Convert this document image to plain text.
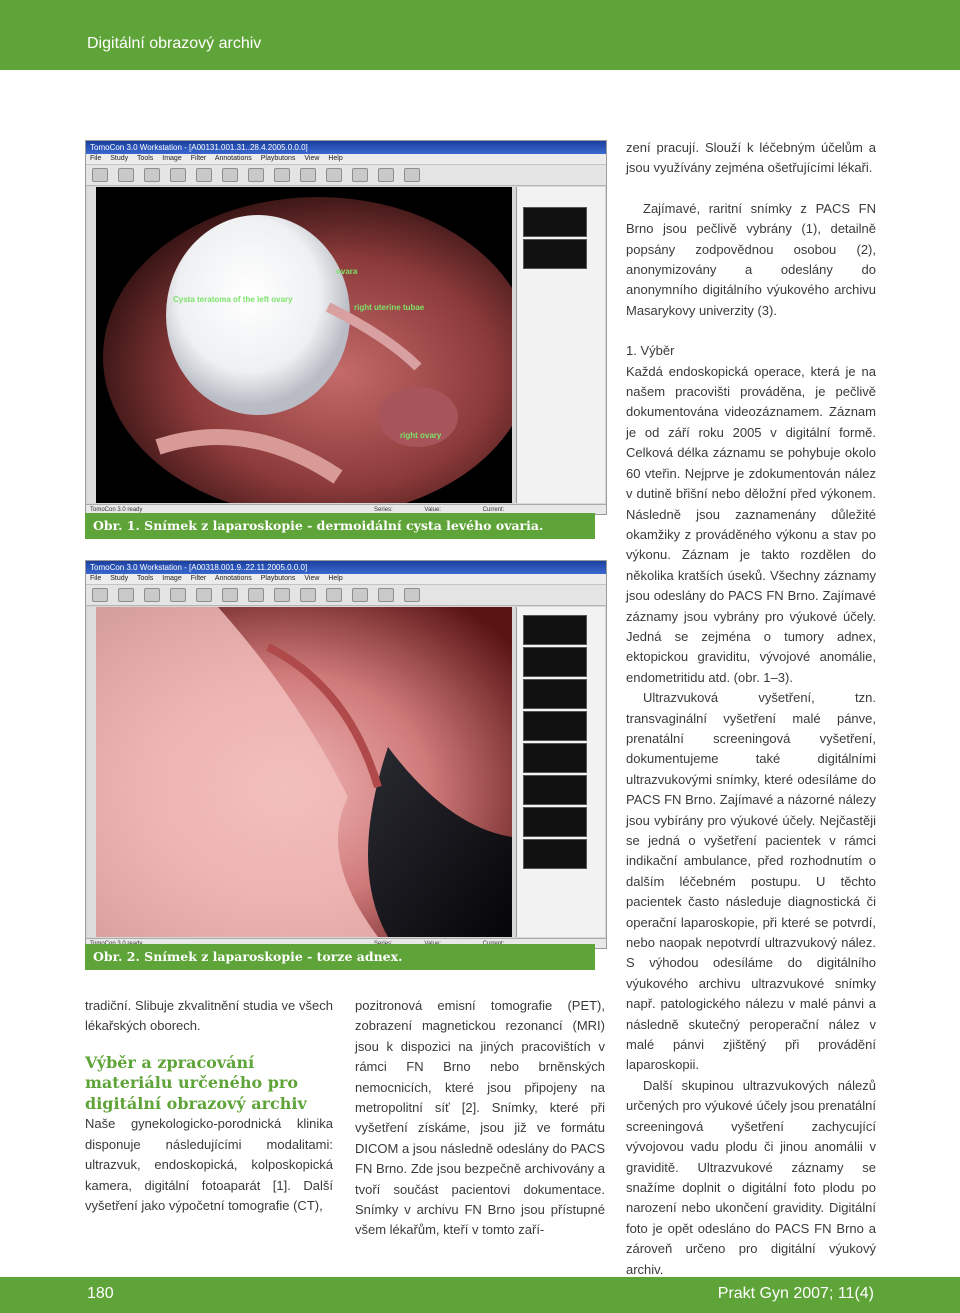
Digitální obrazový archiv
TomoCon 3.0 Workstation - [A00131.001.31..28.4.2005.0.0.0]
File Study Tools Image Filter Annotations Playbutons View Help
Cysta teratoma of the left ovary
ovara
right uterine tubae
right ovary
TomoCon 3.0 ready	Series:	Value:	Current:
Obr. 1. Snímek z laparoskopie - dermoidální cysta levého ovaria.
TomoCon 3.0 Workstation - [A00318.001.9..22.11.2005.0.0.0]
File Study Tools Image Filter Annotations Playbutons View Help
Obr. 2. Snímek z laparoskopie - torze adnex.

tradiční. Slibuje zkvalitnění studia ve všech lékařských oborech.

Výběr a zpracování materiálu určeného pro digitální obrazový archiv

Naše gynekologicko-porodnická klinika disponuje následujícími modalitami: ultrazvuk, endoskopická, kolposkopická kamera, digitální fotoaparát [1]. Další vyšetření jako výpočetní tomografie (CT),

pozitronová emisní tomografie (PET), zobrazení magnetickou rezonancí (MRI) jsou k dispozici na jiných pracovištích v rámci FN Brno nebo brněnských nemocnicích, které jsou připojeny na metropolitní síť [2]. Snímky, které při vyšetření získáme, jsou již ve formátu DICOM a jsou následně odeslány do PACS FN Brno. Zde jsou bezpečně archivovány a tvoří součást pacientovi dokumentace. Snímky v archivu FN Brno jsou přístupné všem lékařům, kteří v tomto zaří-

zení pracují. Slouží k léčebným účelům a jsou využívány zejména ošetřujícími lékaři.

Zajímavé, raritní snímky z PACS FN Brno jsou pečlivě vybrány (1), detailně popsány zodpovědnou osobou (2), anonymizovány a odeslány do anonymního digitálního výukového archivu Masarykovy univerzity (3).

1. Výběr

Každá endoskopická operace, která je na našem pracovišti prováděna, je pečlivě dokumentována videozáznamem. Záznam je od září roku 2005 v digitální formě. Celková délka záznamu se pohybuje okolo 60 vteřin. Nejprve je zdokumentován nález v dutině břišní nebo děložní před výkonem. Následně jsou zaznamenány důležité okamžiky z prováděného výkonu a stav po výkonu. Záznam je takto rozdělen do několika kratších úseků. Všechny záznamy jsou odeslány do PACS FN Brno. Zajímavé záznamy jsou vybrány pro výukové účely. Jedná se zejména o tumory adnex, ektopickou graviditu, vývojové anomálie, endometritidu atd. (obr. 1–3).

Ultrazvuková vyšetření, tzn. transvaginální vyšetření malé pánve, prenatální screeningová vyšetření, dokumentujeme také digitálními ultrazvukovými snímky, které odesíláme do PACS FN Brno. Zajímavé a názorné nálezy jsou vybírány pro výukové účely. Nejčastěji se jedná o vyšetření pacientek v rámci indikační ambulance, před rozhodnutím o dalším léčebném postupu. U těchto pacientek často následuje diagnostická či operační laparoskopie, při které se potvrdí, nebo naopak nepotvrdí ultrazvukový nález. S výhodou odesíláme do digitálního výukového archivu ultrazvukové snímky např. patologického nálezu v malé pánvi a následně skutečný peroperační nález v malé pánvi zjištěný při provádění laparoskopii.

Další skupinou ultrazvukových nálezů určených pro výukové účely jsou prenatální screeningová vyšetření zachycující vývojovou vadu plodu či jinou anomálii v graviditě. Ultrazvukové záznamy se snažíme doplnit o digitální foto plodu po narození nebo ukončení gravidity. Digitální foto je opět odesláno do PACS FN Brno a zároveň určeno pro digitální výukový archiv.

180	Prakt Gyn 2007; 11(4)
